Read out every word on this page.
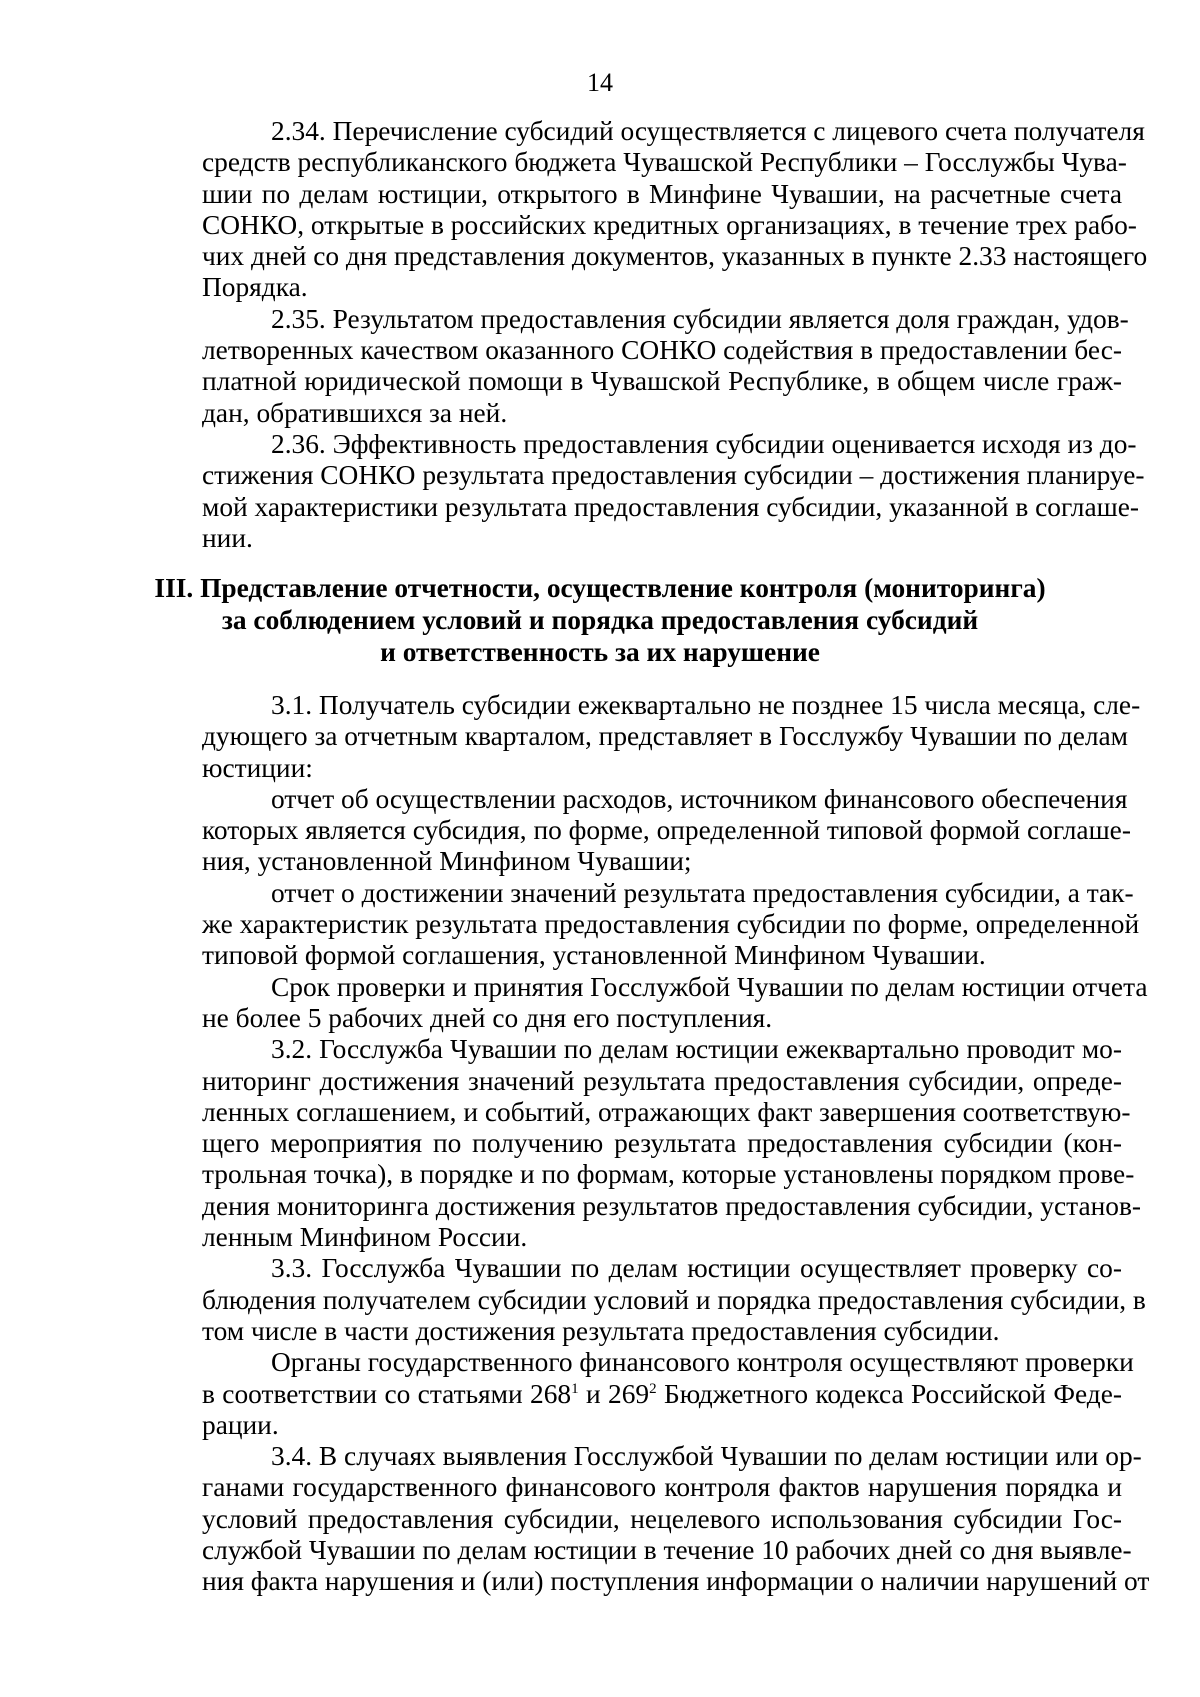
14
2.34. Перечисление субсидий осуществляется с лицевого счета получателя
средств республиканского бюджета Чувашской Республики – Госслужбы Чува-
шии по делам юстиции, открытого в Минфине Чувашии, на расчетные счета
СОНКО, открытые в российских кредитных организациях, в течение трех рабо-
чих дней со дня представления документов, указанных в пункте 2.33 настоящего
Порядка.
2.35. Результатом предоставления субсидии является доля граждан, удов-
летворенных качеством оказанного СОНКО содействия в предоставлении бес-
платной юридической помощи в Чувашской Республике, в общем числе граж-
дан, обратившихся за ней.
2.36. Эффективность предоставления субсидии оценивается исходя из до-
стижения СОНКО результата предоставления субсидии – достижения планируе-
мой характеристики результата предоставления субсидии, указанной в соглаше-
нии.
III. Представление отчетности, осуществление контроля (мониторинга)
за соблюдением условий и порядка предоставления субсидий
и ответственность за их нарушение
3.1. Получатель субсидии ежеквартально не позднее 15 числа месяца, сле-
дующего за отчетным кварталом, представляет в Госслужбу Чувашии по делам
юстиции:
отчет об осуществлении расходов, источником финансового обеспечения
которых является субсидия, по форме, определенной типовой формой соглаше-
ния, установленной Минфином Чувашии;
отчет о достижении значений результата предоставления субсидии, а так-
же характеристик результата предоставления субсидии по форме, определенной
типовой формой соглашения, установленной Минфином Чувашии.
Срок проверки и принятия Госслужбой Чувашии по делам юстиции отчета
не более 5 рабочих дней со дня его поступления.
3.2. Госслужба Чувашии по делам юстиции ежеквартально проводит мо-
ниторинг достижения значений результата предоставления субсидии, опреде-
ленных соглашением, и событий, отражающих факт завершения соответствую-
щего мероприятия по получению результата предоставления субсидии (кон-
трольная точка), в порядке и по формам, которые установлены порядком прове-
дения мониторинга достижения результатов предоставления субсидии, установ-
ленным Минфином России.
3.3. Госслужба Чувашии по делам юстиции осуществляет проверку со-
блюдения получателем субсидии условий и порядка предоставления субсидии, в
том числе в части достижения результата предоставления субсидии.
Органы государственного финансового контроля осуществляют проверки
в соответствии со статьями $268^1$ и $269^2$ Бюджетного кодекса Российской Феде-
рации.
3.4. В случаях выявления Госслужбой Чувашии по делам юстиции или ор-
ганами государственного финансового контроля фактов нарушения порядка и
условий предоставления субсидии, нецелевого использования субсидии Гос-
службой Чувашии по делам юстиции в течение 10 рабочих дней со дня выявле-
ния факта нарушения и (или) поступления информации о наличии нарушений от
